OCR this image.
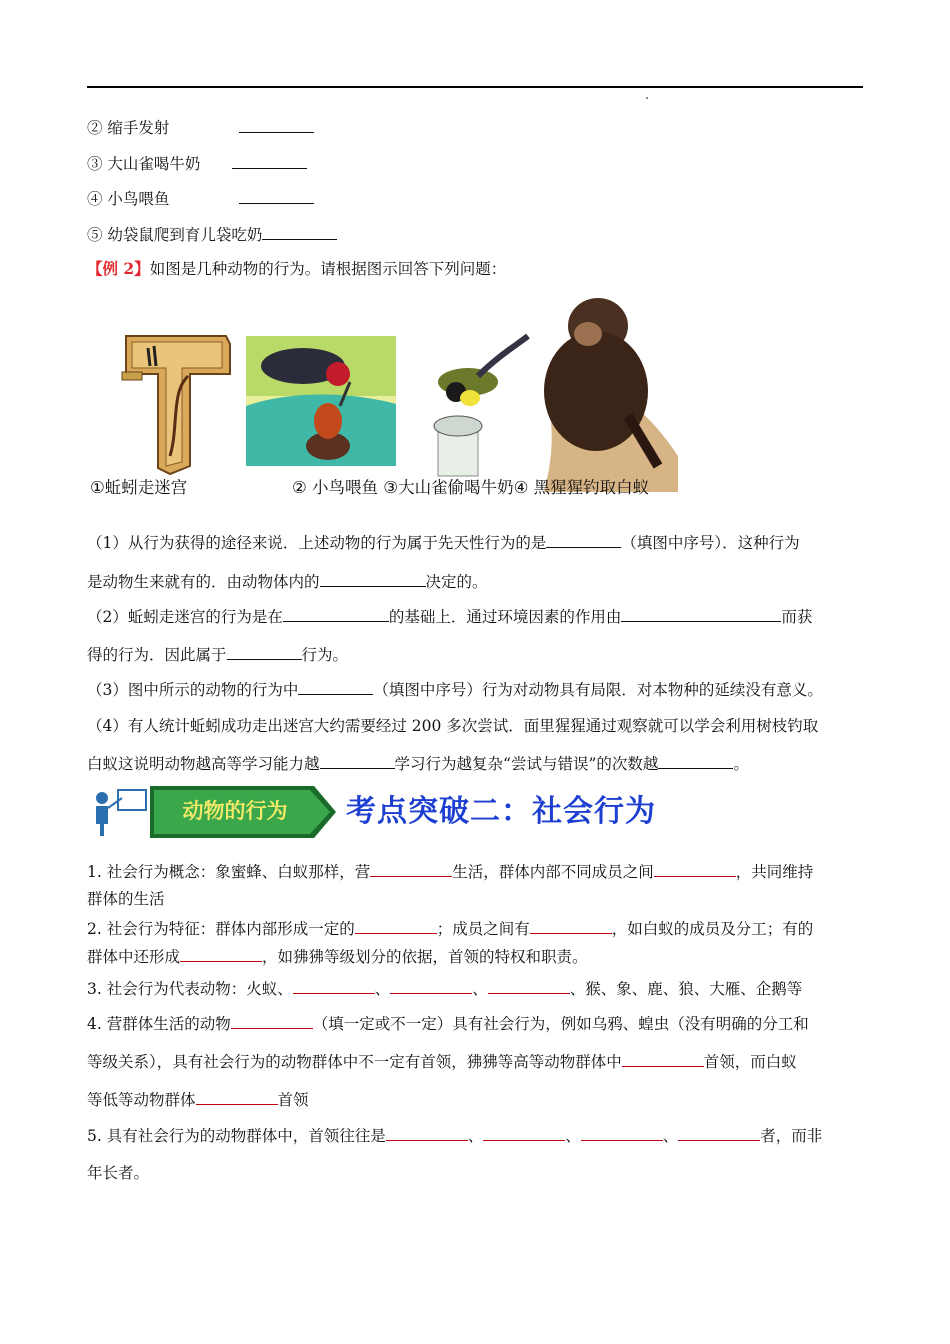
② 缩手发射
③ 大山雀喝牛奶
④ 小鸟喂鱼
⑤ 幼袋鼠爬到育儿袋吃奶
【例 2】如图是几种动物的行为。请根据图示回答下列问题：
①蚯蚓走迷宫	② 小鸟喂鱼 ③大山雀偷喝牛奶④ 黑猩猩钓取白蚁
（1）从行为获得的途径来说．上述动物的行为属于先天性行为的是	（填图中序号）．这种行为
是动物生来就有的．由动物体内的	决定的。
（2）蚯蚓走迷宫的行为是在	的基础上．通过环境因素的作用由	而获
得的行为．因此属于	行为。
（3）图中所示的动物的行为中	（填图中序号）行为对动物具有局限．对本物种的延续没有意义。
（4）有人统计蚯蚓成功走出迷宫大约需要经过 200 多次尝试．面里猩猩通过观察就可以学会利用树枝钓取
白蚁这说明动物越高等学习能力越	学习行为越复杂“尝试与错误”的次数越	。
动物的行为	考点突破二：社会行为
1. 社会行为概念：象蜜蜂、白蚁那样，营	生活，群体内部不同成员之间	，共同维持
群体的生活
2. 社会行为特征：群体内部形成一定的	；成员之间有	，如白蚁的成员及分工；有的
群体中还形成	，如狒狒等级划分的依据，首领的特权和职责。
3. 社会行为代表动物：火蚁、	、	、	、猴、象、鹿、狼、大雁、企鹅等
4. 营群体生活的动物	（填一定或不一定）具有社会行为，例如乌鸦、蝗虫（没有明确的分工和
等级关系），具有社会行为的动物群体中不一定有首领，狒狒等高等动物群体中	首领，而白蚁
等低等动物群体	首领
5. 具有社会行为的动物群体中，首领往往是	、	、	、	者，而非
年长者。
